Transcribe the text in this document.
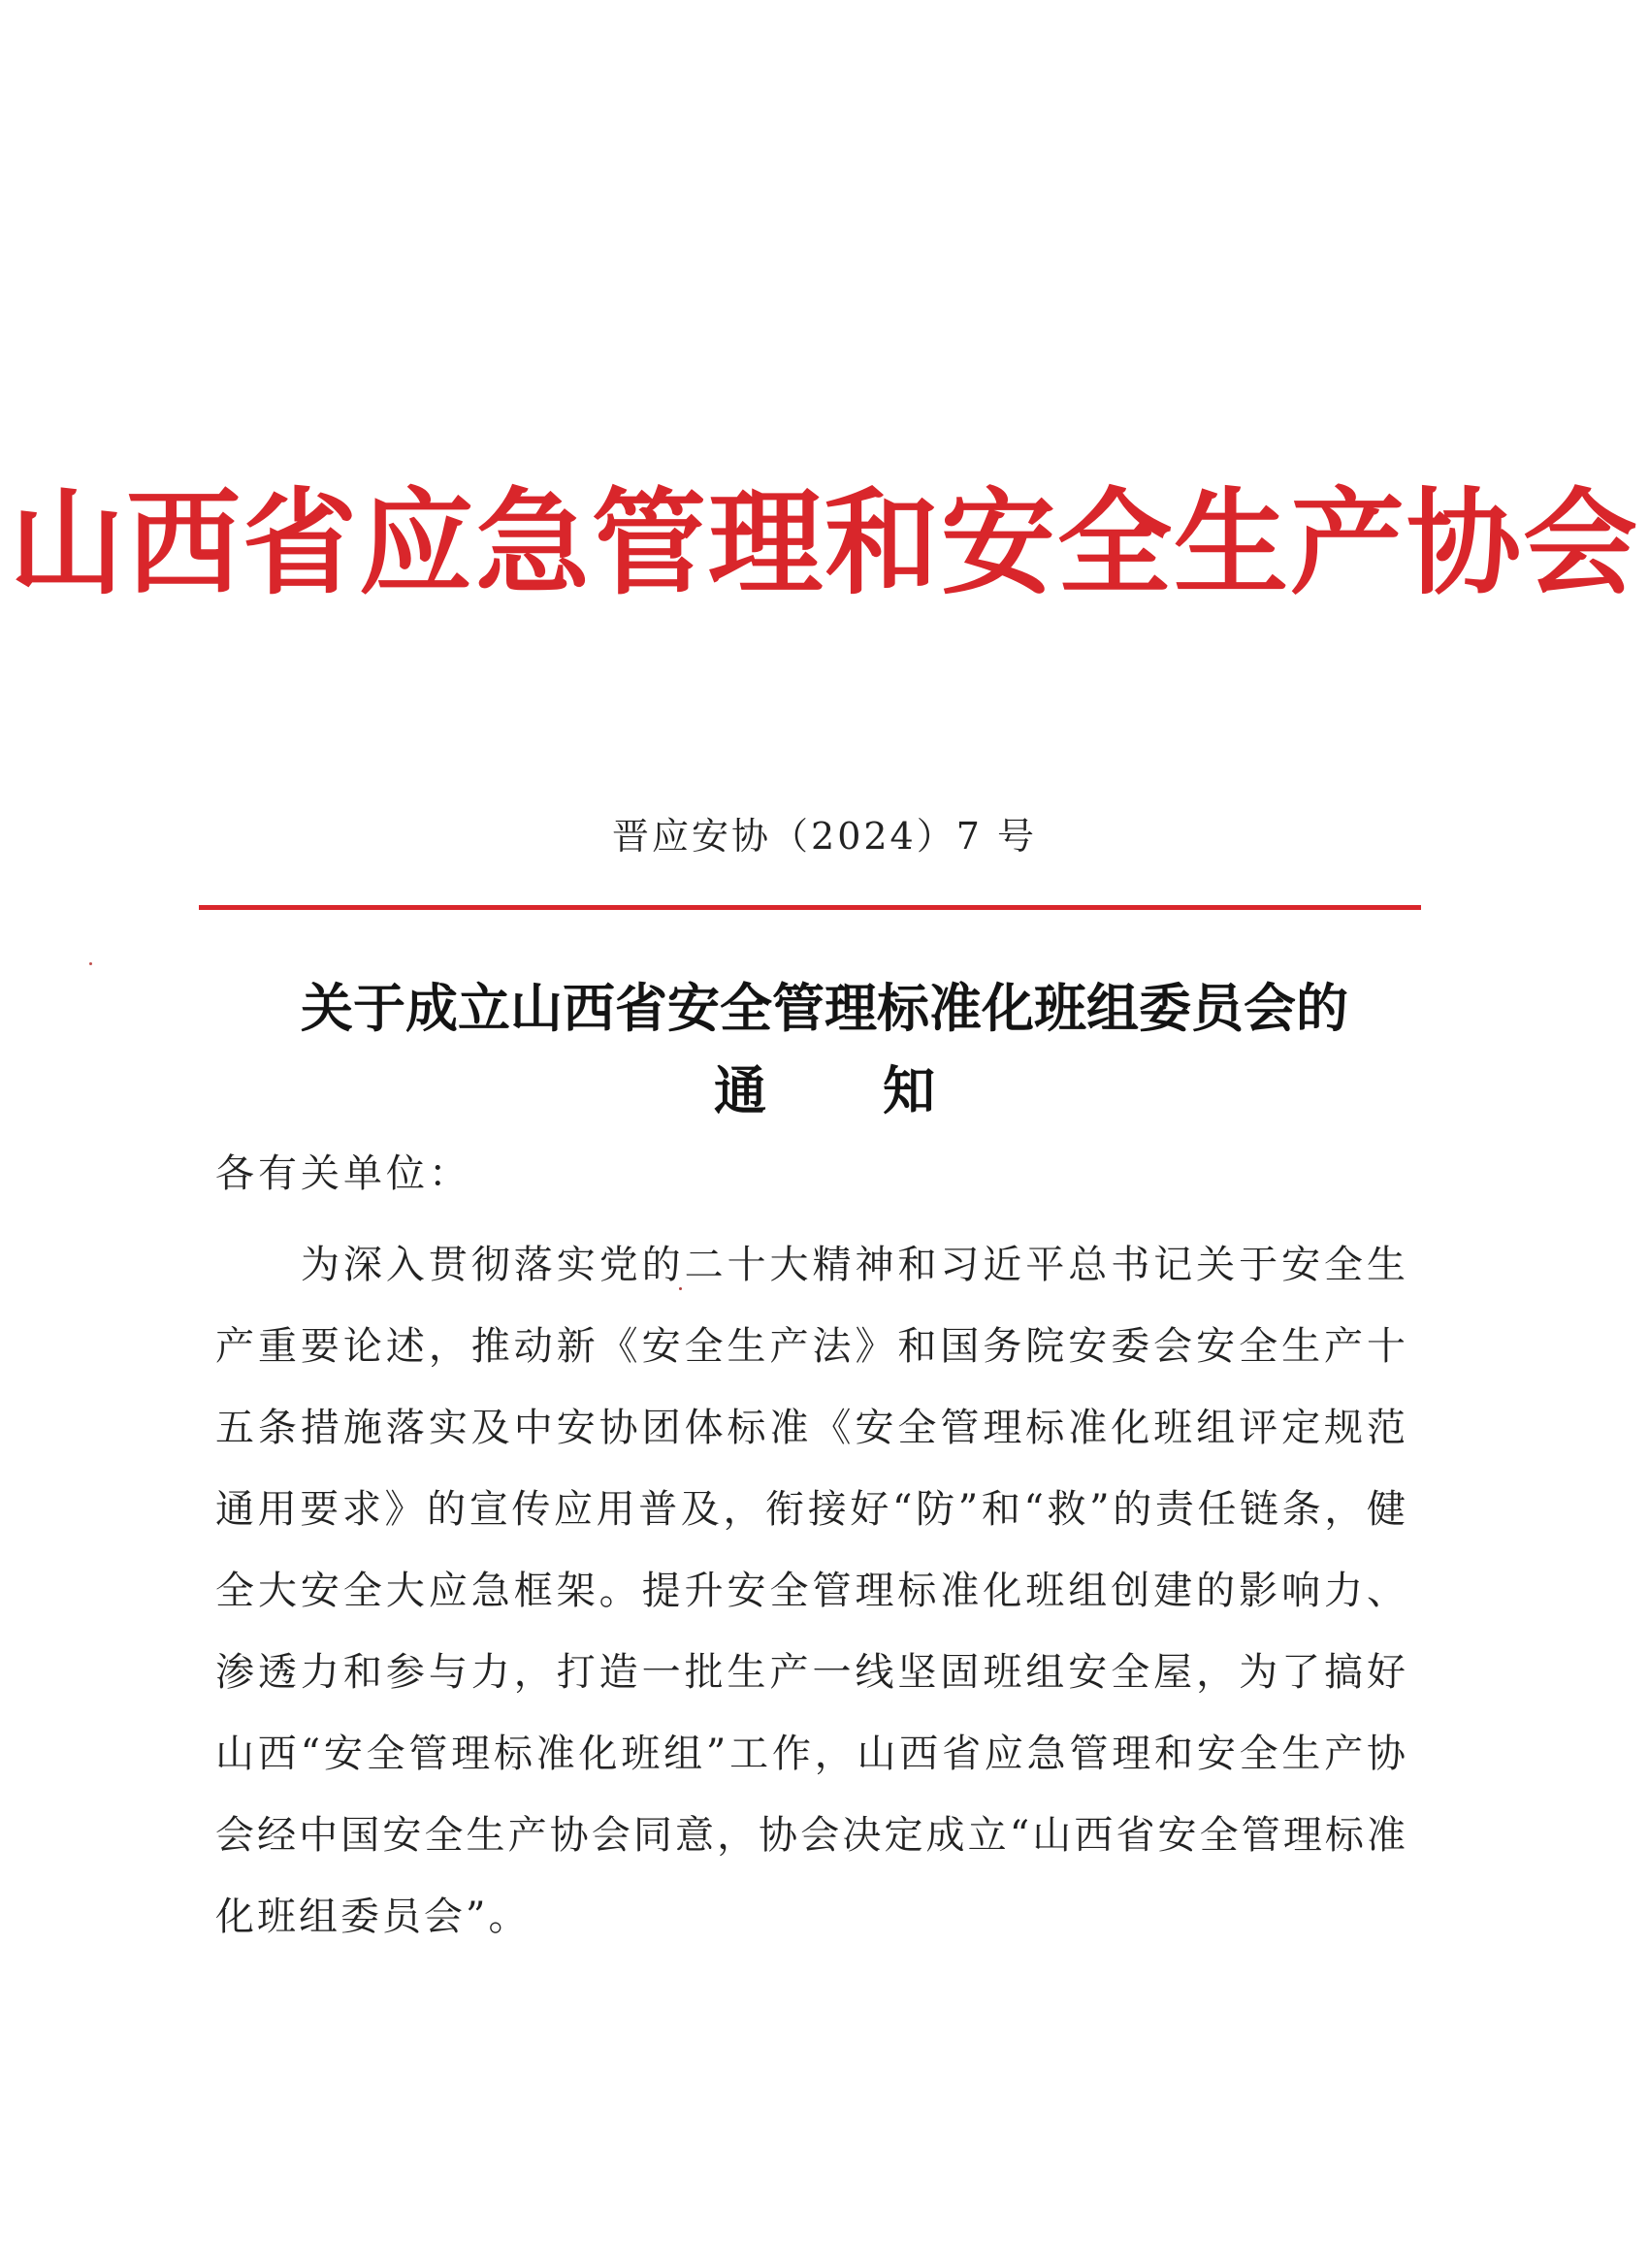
山西省应急管理和安全生产协会
晋应安协（2024）7 号
关于成立山西省安全管理标准化班组委员会的
通知
各有关单位：
为深入贯彻落实党的二十大精神和习近平总书记关于安全生产重要论述，推动新《安全生产法》和国务院安委会安全生产十五条措施落实及中安协团体标准《安全管理标准化班组评定规范通用要求》的宣传应用普及，衔接好“防”和“救”的责任链条，健全大安全大应急框架。提升安全管理标准化班组创建的影响力、渗透力和参与力，打造一批生产一线坚固班组安全屋，为了搞好山西“安全管理标准化班组”工作，山西省应急管理和安全生产协会经中国安全生产协会同意，协会决定成立“山西省安全管理标准化班组委员会”。
